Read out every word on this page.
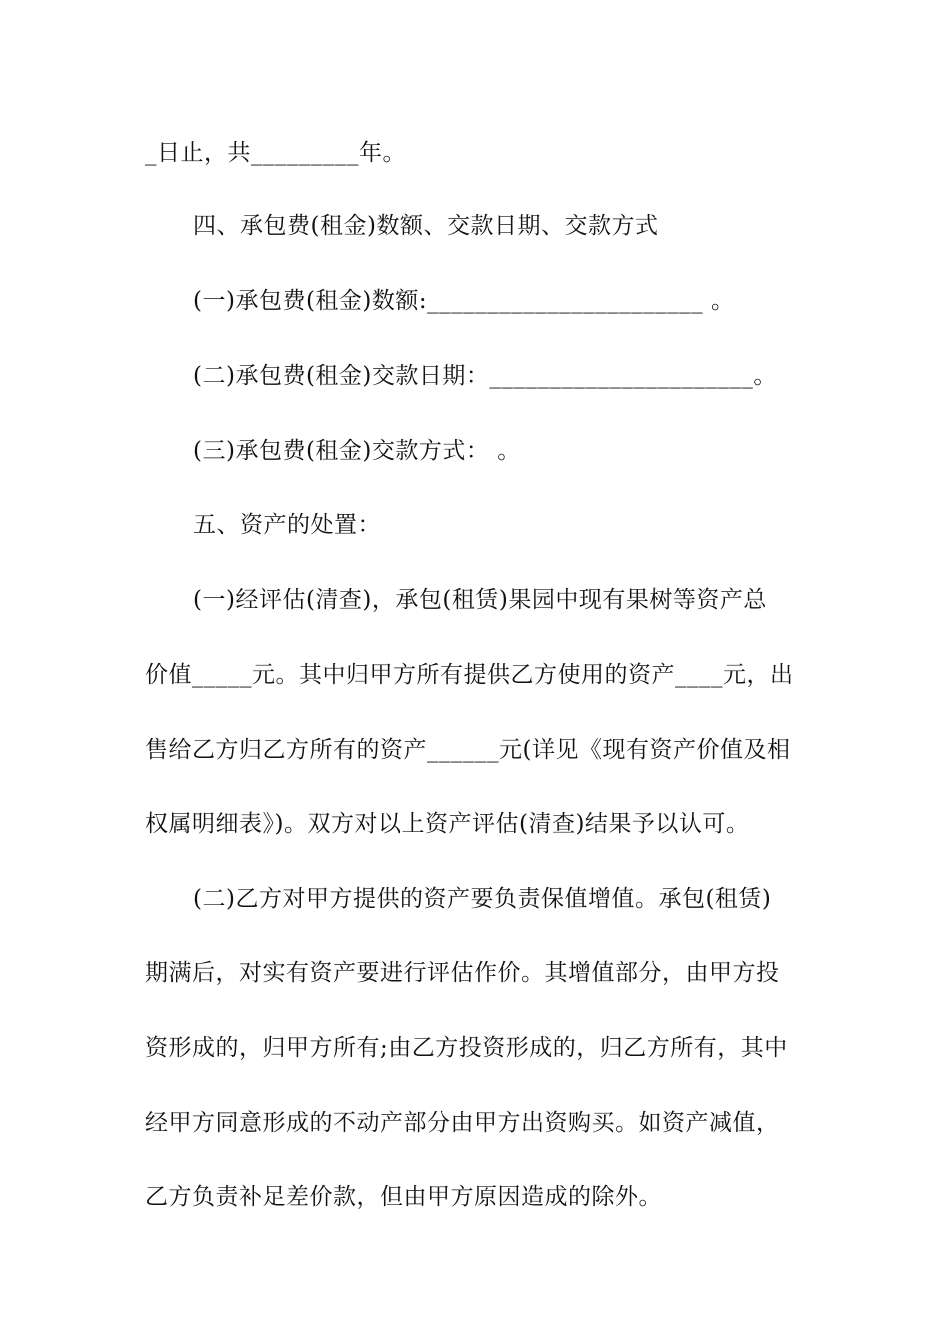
_日止，共_________年。
四、承包费(租金)数额、交款日期、交款方式
(一)承包费(租金)数额:_______________________ 。
(二)承包费(租金)交款日期：______________________。
(三)承包费(租金)交款方式： 。
五、资产的处置：
(一)经评估(清查)，承包(租赁)果园中现有果树等资产总
价值_____元。其中归甲方所有提供乙方使用的资产____元，出
售给乙方归乙方所有的资产______元(详见《现有资产价值及相
权属明细表》)。双方对以上资产评估(清查)结果予以认可。
(二)乙方对甲方提供的资产要负责保值增值。承包(租赁)
期满后，对实有资产要进行评估作价。其增值部分，由甲方投
资形成的，归甲方所有;由乙方投资形成的，归乙方所有，其中
经甲方同意形成的不动产部分由甲方出资购买。如资产减值，
乙方负责补足差价款，但由甲方原因造成的除外。
